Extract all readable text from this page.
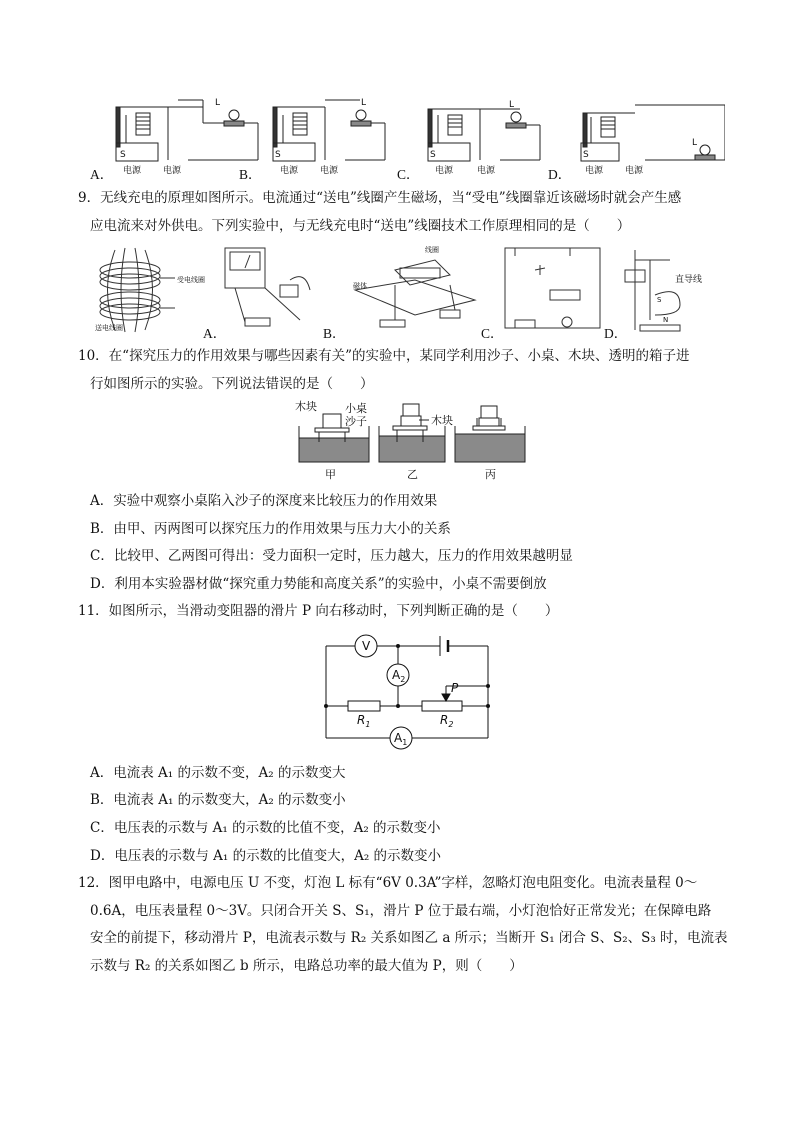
L	L	L
L
S	S	S	S
电源 电源	电源 电源	电源	电源	电源 电源
A．	B．	C．	D．
9．无线充电的原理如图所示。电流通过“送电”线圈产生磁场，当“受电”线圈靠近该磁场时就会产生感
应电流来对外供电。下列实验中，与无线充电时“送电”线圈技术工作原理相同的是（　　）
受电线圈
送电线圈
线圈
磁体
直导线
S
N
A．	B．	C．	D．
10．在“探究压力的作用效果与哪些因素有关”的实验中，某同学利用沙子、小桌、木块、透明的箱子进
行如图所示的实验。下列说法错误的是（　　）
木块	小桌
沙子	木块
甲	乙	丙
A．实验中观察小桌陷入沙子的深度来比较压力的作用效果
B．由甲、丙两图可以探究压力的作用效果与压力大小的关系
C．比较甲、乙两图可得出：受力面积一定时，压力越大，压力的作用效果越明显
D．利用本实验器材做“探究重力势能和高度关系”的实验中，小桌不需要倒放
11．如图所示，当滑动变阻器的滑片 P 向右移动时，下列判断正确的是（　　）
V
$A_2$
$A_1$
$R_1$	$R_2$
P
A．电流表 A₁ 的示数不变，A₂ 的示数变大
B．电流表 A₁ 的示数变大，A₂ 的示数变小
C．电压表的示数与 A₁ 的示数的比值不变，A₂ 的示数变小
D．电压表的示数与 A₁ 的示数的比值变大，A₂ 的示数变小
12．图甲电路中，电源电压 U 不变，灯泡 L 标有“6V 0.3A”字样，忽略灯泡电阻变化。电流表量程 0～
0.6A，电压表量程 0～3V。只闭合开关 S、S₁，滑片 P 位于最右端，小灯泡恰好正常发光；在保障电路
安全的前提下，移动滑片 P，电流表示数与 R₂ 关系如图乙 a 所示；当断开 S₁ 闭合 S、S₂、S₃ 时，电流表
示数与 R₂ 的关系如图乙 b 所示，电路总功率的最大值为 P，则（　　）
